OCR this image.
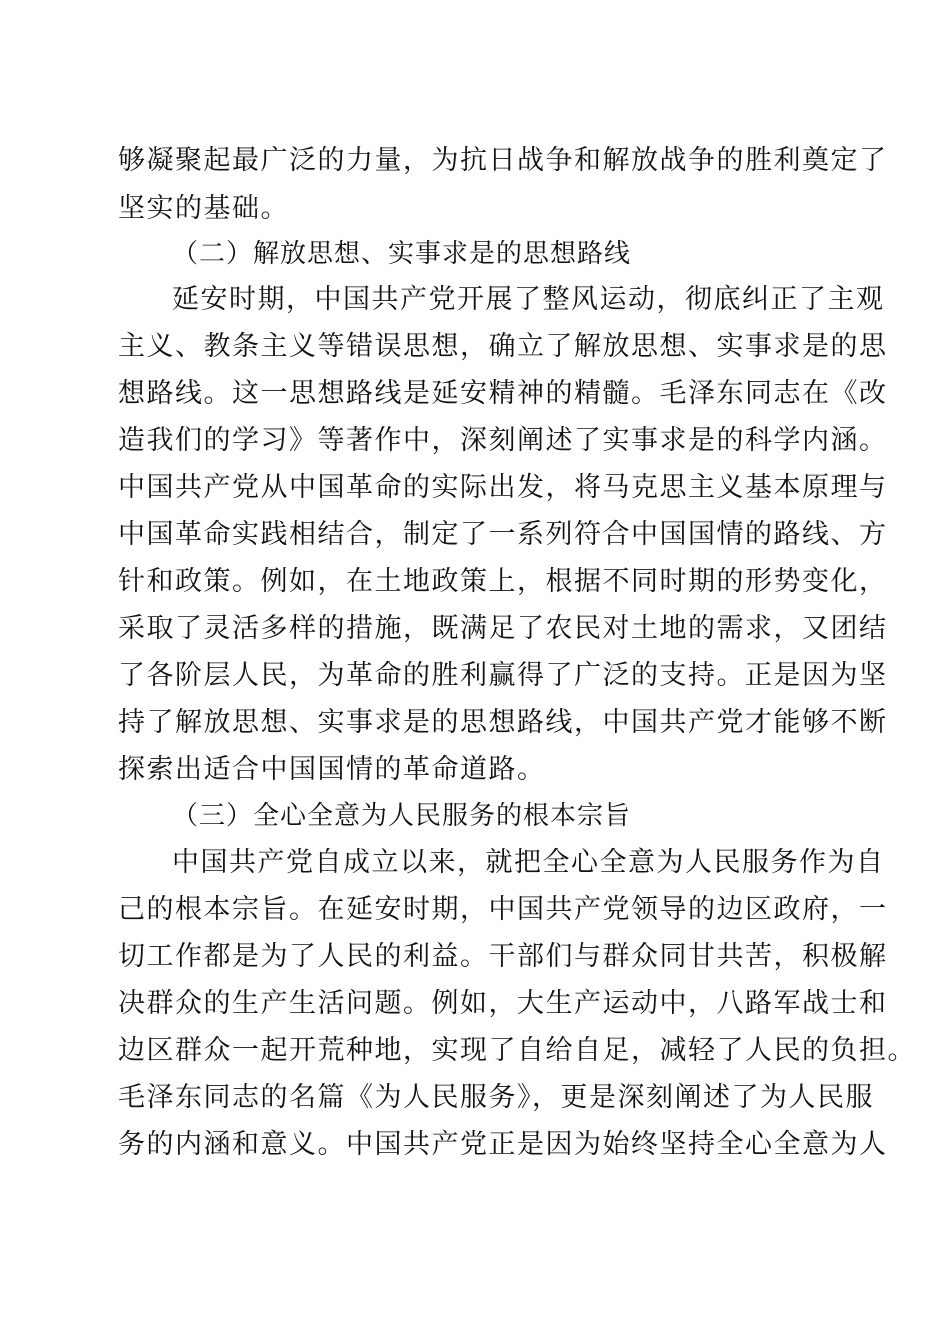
够凝聚起最广泛的力量，为抗日战争和解放战争的胜利奠定了
坚实的基础。
（二）解放思想、实事求是的思想路线
延安时期，中国共产党开展了整风运动，彻底纠正了主观
主义、教条主义等错误思想，确立了解放思想、实事求是的思
想路线。这一思想路线是延安精神的精髓。毛泽东同志在《改
造我们的学习》等著作中，深刻阐述了实事求是的科学内涵。
中国共产党从中国革命的实际出发，将马克思主义基本原理与
中国革命实践相结合，制定了一系列符合中国国情的路线、方
针和政策。例如，在土地政策上，根据不同时期的形势变化，
采取了灵活多样的措施，既满足了农民对土地的需求，又团结
了各阶层人民，为革命的胜利赢得了广泛的支持。正是因为坚
持了解放思想、实事求是的思想路线，中国共产党才能够不断
探索出适合中国国情的革命道路。
（三）全心全意为人民服务的根本宗旨
中国共产党自成立以来，就把全心全意为人民服务作为自
己的根本宗旨。在延安时期，中国共产党领导的边区政府，一
切工作都是为了人民的利益。干部们与群众同甘共苦，积极解
决群众的生产生活问题。例如，大生产运动中，八路军战士和
边区群众一起开荒种地，实现了自给自足，减轻了人民的负担。
毛泽东同志的名篇《为人民服务》，更是深刻阐述了为人民服
务的内涵和意义。中国共产党正是因为始终坚持全心全意为人
